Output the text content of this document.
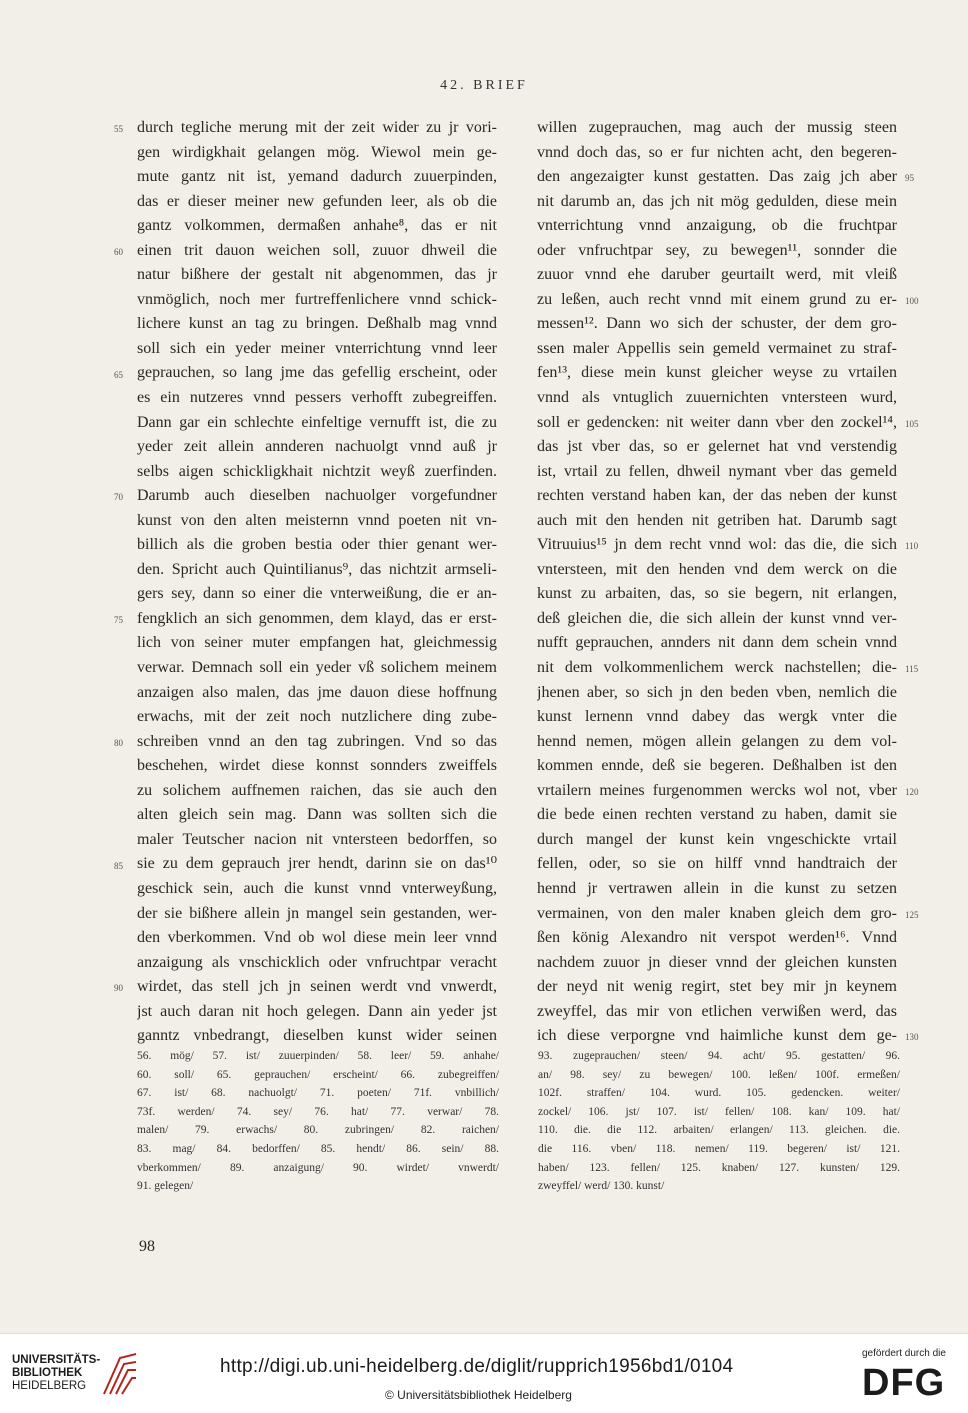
42. BRIEF
durch tegliche merung mit der zeit wider zu jr vori-
gen wirdigkhait gelangen mög. Wiewol mein ge-
mute gantz nit ist, yemand dadurch zuuerpinden,
das er dieser meiner new gefunden leer, als ob die
gantz volkommen, dermaßen anhahe⁸, das er nit
einen trit dauon weichen soll, zuuor dhweil die
natur bißhere der gestalt nit abgenommen, das jr
vnmöglich, noch mer furtreffenlichere vnnd schick-
lichere kunst an tag zu bringen. Deßhalb mag vnnd
soll sich ein yeder meiner vnterrichtung vnnd leer
geprauchen, so lang jme das gefellig erscheint, oder
es ein nutzeres vnnd pessers verhofft zubegreiffen.
Dann gar ein schlechte einfeltige vernufft ist, die zu
yeder zeit allein annderen nachuolgt vnnd auß jr
selbs aigen schickligkhait nichtzit weyß zuerfinden.
Darumb auch dieselben nachuolger vorgefundner
kunst von den alten meisternn vnnd poeten nit vn-
billich als die groben bestia oder thier genant wer-
den. Spricht auch Quintilianus⁹, das nichtzit armseli-
gers sey, dann so einer die vnterweißung, die er an-
fengklich an sich genommen, dem klayd, das er erst-
lich von seiner muter empfangen hat, gleichmessig
verwar. Demnach soll ein yeder vß solichem meinem
anzaigen also malen, das jme dauon diese hoffnung
erwachs, mit der zeit noch nutzlichere ding zube-
schreiben vnnd an den tag zubringen. Vnd so das
beschehen, wirdet diese konnst sonnders zweiffels
zu solichem auffnemen raichen, das sie auch den
alten gleich sein mag. Dann was sollten sich die
maler Teutscher nacion nit vntersteen bedorffen, so
sie zu dem geprauch jrer hendt, darinn sie on das¹⁰
geschick sein, auch die kunst vnnd vnterweyßung,
der sie bißhere allein jn mangel sein gestanden, wer-
den vberkommen. Vnd ob wol diese mein leer vnnd
anzaigung als vnschicklich oder vnfruchtpar veracht
wirdet, das stell jch jn seinen werdt vnd vnwerdt,
jst auch daran nit hoch gelegen. Dann ain yeder jst
ganntz vnbedrangt, dieselben kunst wider seinen
willen zugeprauchen, mag auch der mussig steen
vnnd doch das, so er fur nichten acht, den begeren-
den angezaigter kunst gestatten. Das zaig jch aber
nit darumb an, das jch nit mög gedulden, diese mein
vnterrichtung vnnd anzaigung, ob die fruchtpar
oder vnfruchtpar sey, zu bewegen¹¹, sonnder die
zuuor vnnd ehe daruber geurtailt werd, mit vleiß
zu leßen, auch recht vnnd mit einem grund zu er-
messen¹². Dann wo sich der schuster, der dem gro-
ssen maler Appellis sein gemeld vermainet zu straf-
fen¹³, diese mein kunst gleicher weyse zu vrtailen
vnnd als vntuglich zuuernichten vntersteen wurd,
soll er gedencken: nit weiter dann vber den zockel¹⁴,
das jst vber das, so er gelernet hat vnd verstendig
ist, vrtail zu fellen, dhweil nymant vber das gemeld
rechten verstand haben kan, der das neben der kunst
auch mit den henden nit getriben hat. Darumb sagt
Vitruuius¹⁵ jn dem recht vnnd wol: das die, die sich
vntersteen, mit den henden vnd dem werck on die
kunst zu arbaiten, das, so sie begern, nit erlangen,
deß gleichen die, die sich allein der kunst vnnd ver-
nufft geprauchen, annders nit dann dem schein vnnd
nit dem volkommenlichem werck nachstellen; die-
jhenen aber, so sich jn den beden vben, nemlich die
kunst lernenn vnnd dabey das wergk vnter die
hennd nemen, mögen allein gelangen zu dem vol-
kommen ennde, deß sie begeren. Deßhalben ist den
vrtailern meines furgenommen wercks wol not, vber
die bede einen rechten verstand zu haben, damit sie
durch mangel der kunst kein vngeschickte vrtail
fellen, oder, so sie on hilff vnnd handtraich der
hennd jr vertrawen allein in die kunst zu setzen
vermainen, von den maler knaben gleich dem gro-
ßen könig Alexandro nit verspot werden¹⁶. Vnnd
nachdem zuuor jn dieser vnnd der gleichen kunsten
der neyd nit wenig regirt, stet bey mir jn keynem
zweyffel, das mir von etlichen verwißen werd, das
ich diese verporgne vnd haimliche kunst dem ge-
55
60
65
70
75
80
85
90
95
100
105
110
115
120
125
130
56. mög/ 57. ist/ zuuerpinden/ 58. leer/ 59. anhahe/
60. soll/ 65. geprauchen/ erscheint/ 66. zubegreiffen/
67. ist/ 68. nachuolgt/ 71. poeten/ 71f. vnbillich/
73f. werden/ 74. sey/ 76. hat/ 77. verwar/ 78.
malen/ 79. erwachs/ 80. zubringen/ 82. raichen/
83. mag/ 84. bedorffen/ 85. hendt/ 86. sein/ 88.
vberkommen/ 89. anzaigung/ 90. wirdet/ vnwerdt/
91. gelegen/
93. zugeprauchen/ steen/ 94. acht/ 95. gestatten/ 96.
an/ 98. sey/ zu bewegen/ 100. leßen/ 100f. ermeßen/
102f. straffen/ 104. wurd. 105. gedencken. weiter/
zockel/ 106. jst/ 107. ist/ fellen/ 108. kan/ 109. hat/
110. die. die 112. arbaiten/ erlangen/ 113. gleichen. die.
die 116. vben/ 118. nemen/ 119. begeren/ ist/ 121.
haben/ 123. fellen/ 125. knaben/ 127. kunsten/ 129.
zweyffel/ werd/ 130. kunst/
98
UNIVERSITÄTS-
BIBLIOTHEK
HEIDELBERG
http://digi.ub.uni-heidelberg.de/diglit/rupprich1956bd1/0104
© Universitätsbibliothek Heidelberg
gefördert durch die
DFG
